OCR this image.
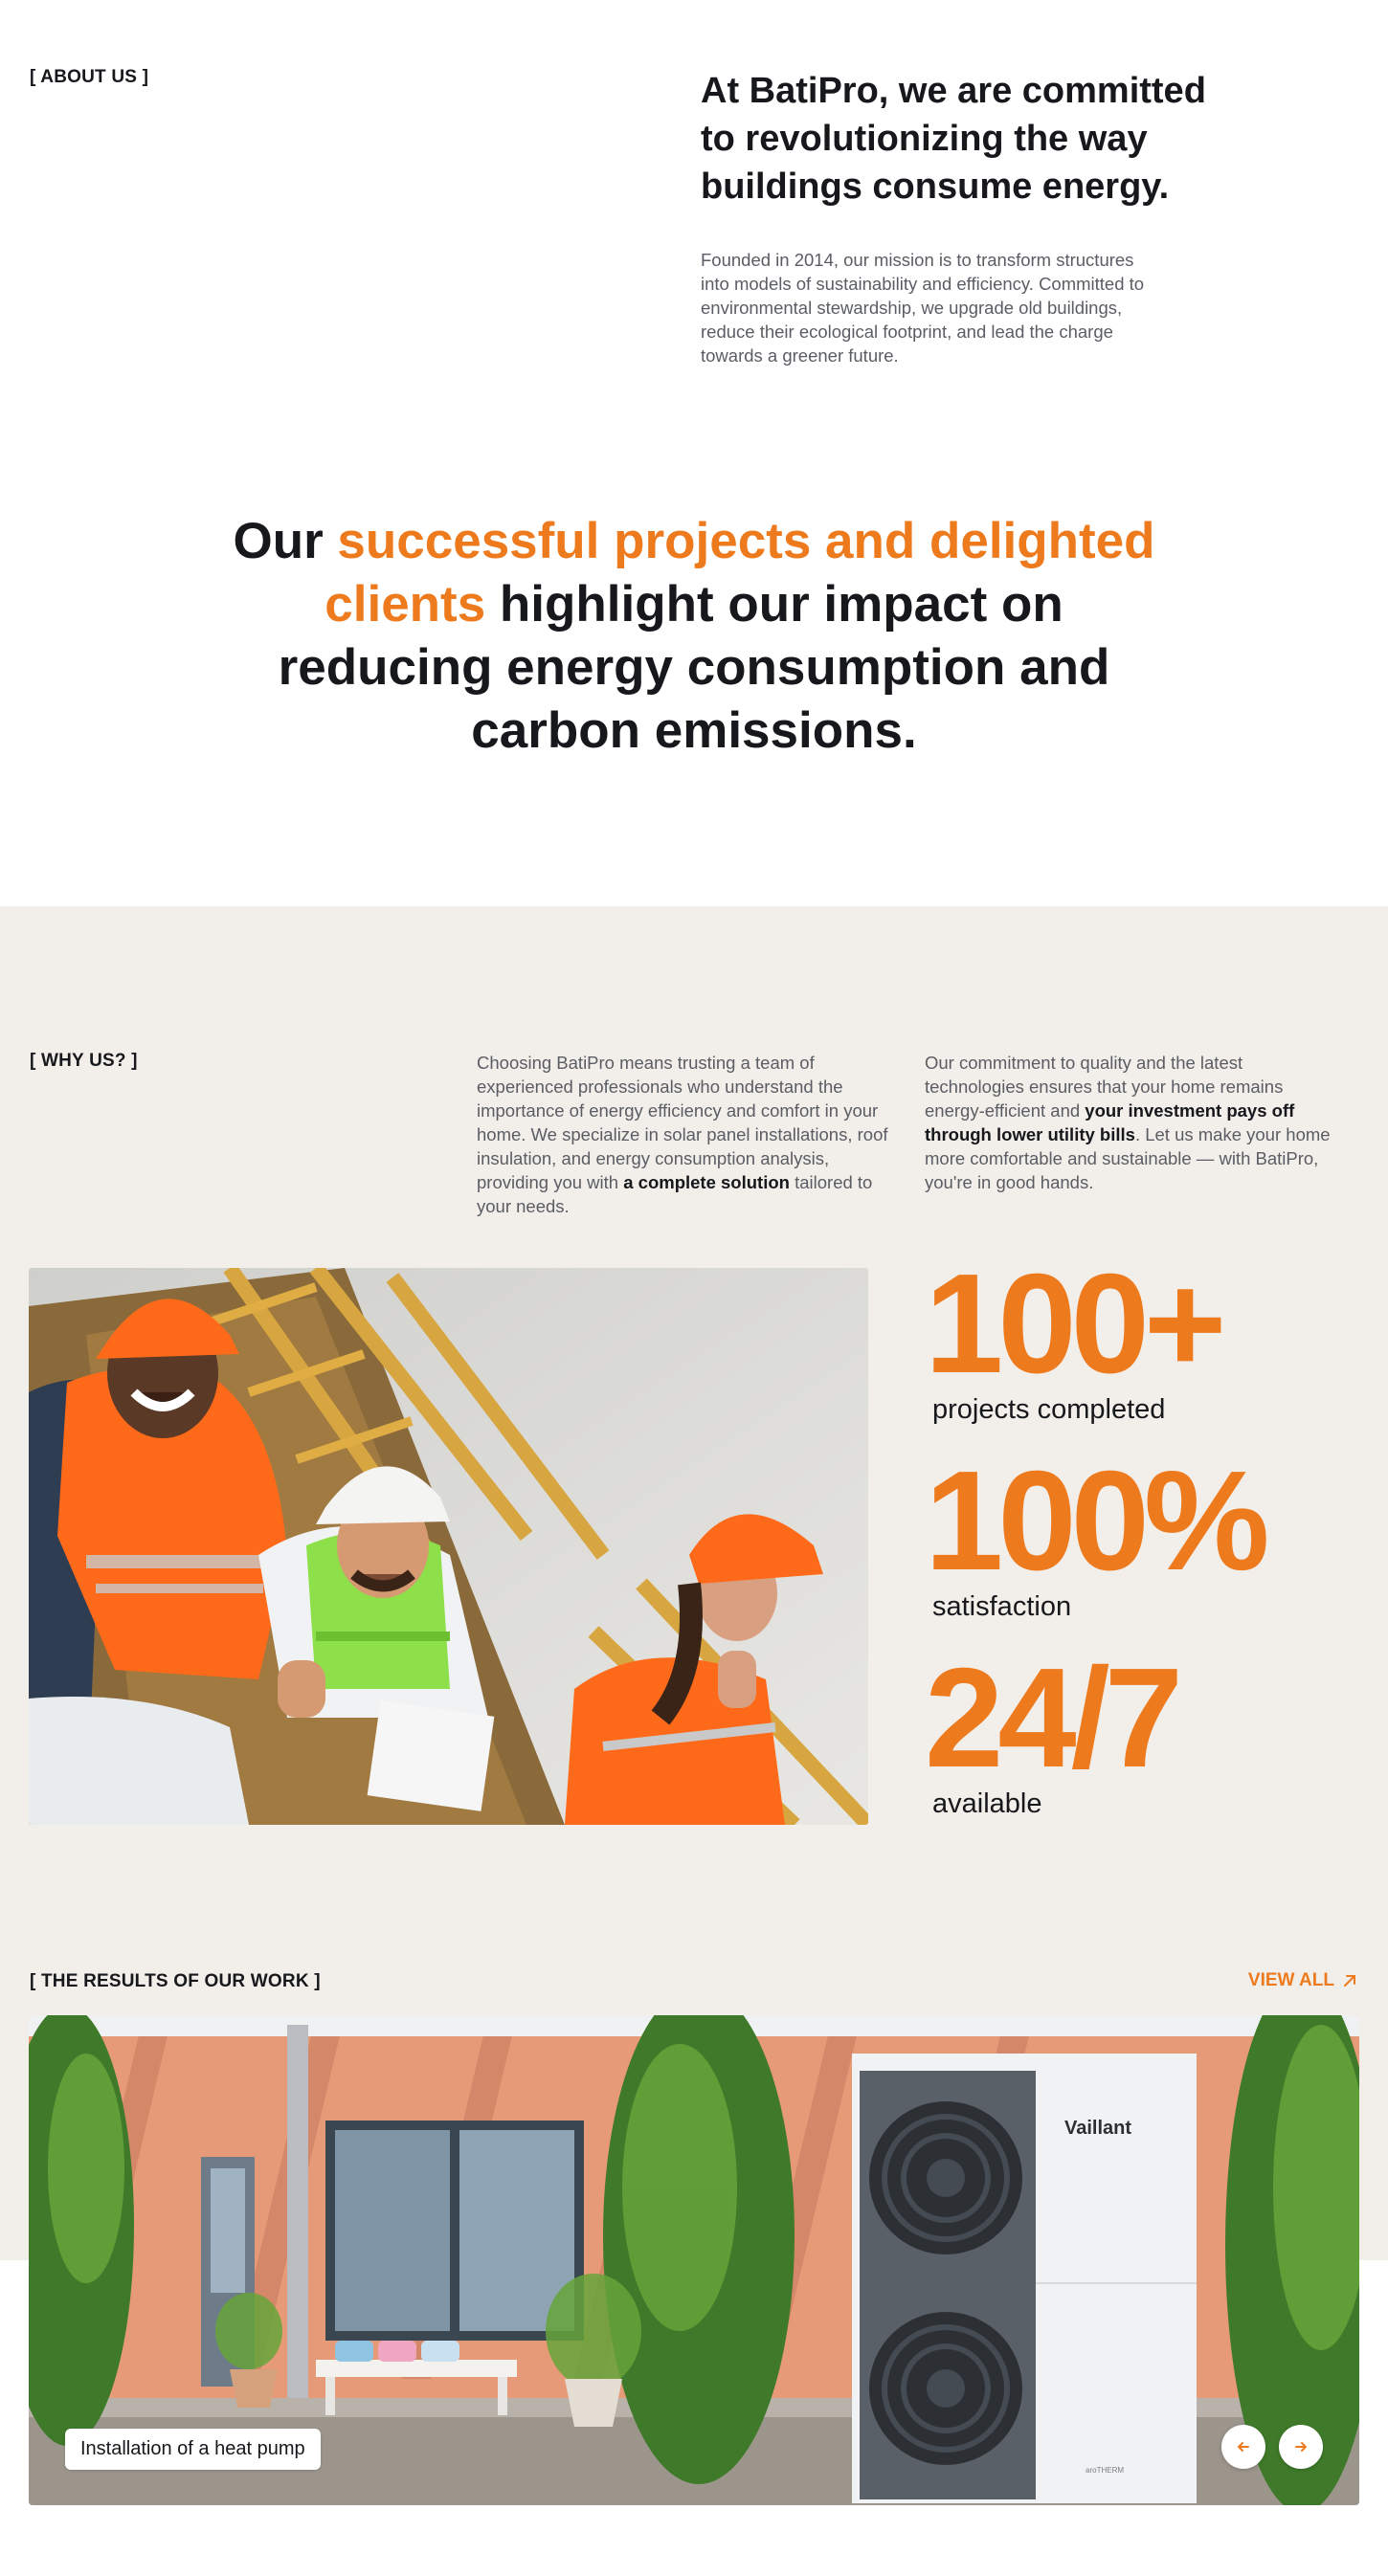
[ ABOUT US ]	At BatiPro, we are committed to revolutionizing the way buildings consume energy.

Founded in 2014, our mission is to transform structures into models of sustainability and efficiency. Committed to environmental stewardship, we upgrade old buildings, reduce their ecological footprint, and lead the charge towards a greener future.

Our successful projects and delighted clients highlight our impact on reducing energy consumption and carbon emissions.
[ WHY US? ]	Choosing BatiPro means trusting a team of experienced professionals who understand the importance of energy efficiency and comfort in your home. We specialize in solar panel installations, roof insulation, and energy consumption analysis, providing you with a complete solution tailored to your needs.

Our commitment to quality and the latest technologies ensures that your home remains energy-efficient and your investment pays off through lower utility bills. Let us make your home more comfortable and sustainable — with BatiPro, you're in good hands.

100+
projects completed
100%
satisfaction
24/7
available
[ THE RESULTS OF OUR WORK ]	VIEW ALL
Vaillant
aroTHERM
Installation of a heat pump
